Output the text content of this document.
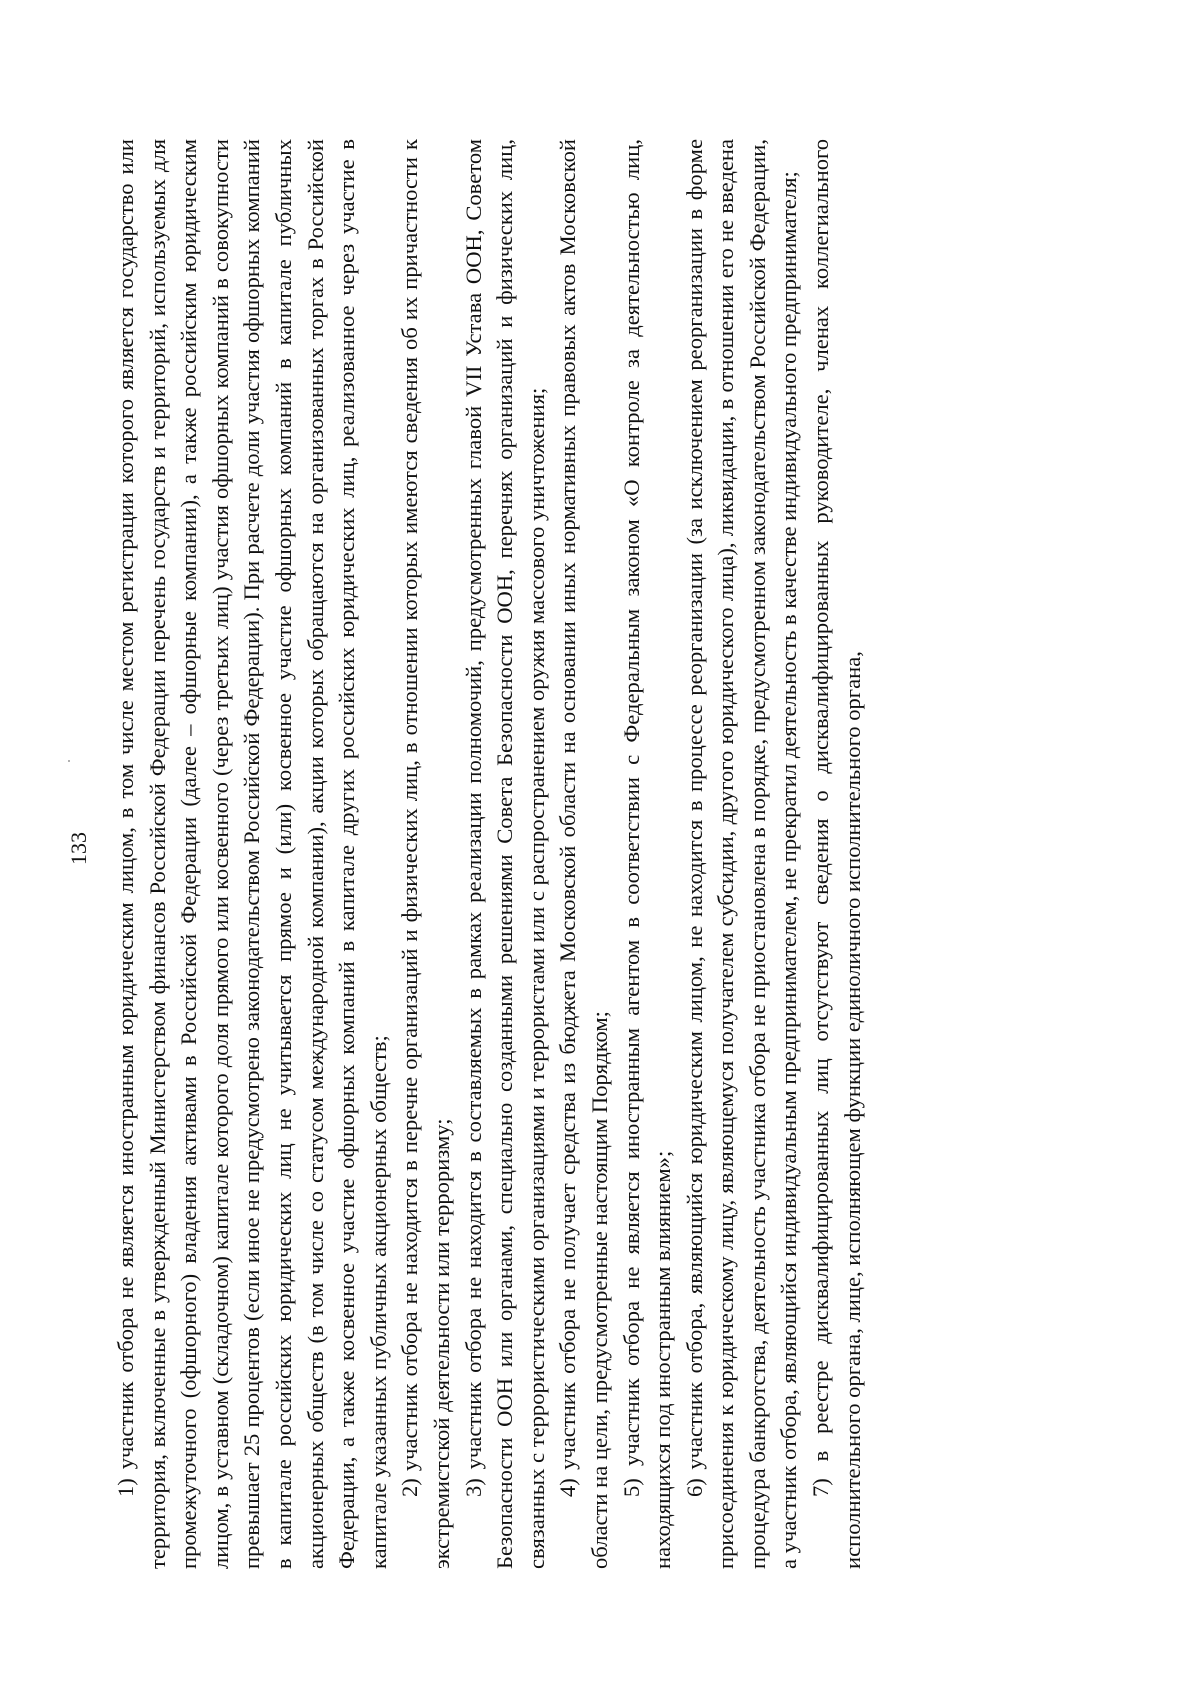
133 1) участник отбора не является иностранным юридическим лицом, в том числе местом регистрации которого является государство или территория, включенные в утвержденный Министерством финансов Российской Федерации перечень государств и территорий, используемых для промежуточного (офшорного) владения активами в Российской Федерации (далее – офшорные компании), а также российским юридическим лицом, в уставном (складочном) капитале которого доля прямого или косвенного (через третьих лиц) участия офшорных компаний в совокупности превышает 25 процентов (если иное не предусмотрено законодательством Российской Федерации). При расчете доли участия офшорных компаний в капитале российских юридических лиц не учитывается прямое и (или) косвенное участие офшорных компаний в капитале публичных акционерных обществ (в том числе со статусом международной компании), акции которых обращаются на организованных торгах в Российской Федерации, а также косвенное участие офшорных компаний в капитале других российских юридических лиц, реализованное через участие в капитале указанных публичных акционерных обществ; 2) участник отбора не находится в перечне организаций и физических лиц, в отношении которых имеются сведения об их причастности к экстремистской деятельности или терроризму; 3) участник отбора не находится в составляемых в рамках реализации полномочий, предусмотренных главой VII Устава ООН, Советом Безопасности ООН или органами, специально созданными решениями Совета Безопасности ООН, перечнях организаций и физических лиц, связанных с террористическими организациями и террористами или с распространением оружия массового уничтожения; 4) участник отбора не получает средства из бюджета Московской области на основании иных нормативных правовых актов Московской области на цели, предусмотренные настоящим Порядком; 5) участник отбора не является иностранным агентом в соответствии с Федеральным законом «О контроле за деятельностью лиц, находящихся под иностранным влиянием»; 6) участник отбора, являющийся юридическим лицом, не находится в процессе реорганизации (за исключением реорганизации в форме присоединения к юридическому лицу, являющемуся получателем субсидии, другого юридического лица), ликвидации, в отношении его не введена процедура банкротства, деятельность участника отбора не приостановлена в порядке, предусмотренном законодательством Российской Федерации, а участник отбора, являющийся индивидуальным предпринимателем, не прекратил деятельность в качестве индивидуального предпринимателя; 7) в реестре дисквалифицированных лиц отсутствуют сведения о дисквалифицированных руководителе, членах коллегиального исполнительного органа, лице, исполняющем функции единоличного исполнительного органа,
